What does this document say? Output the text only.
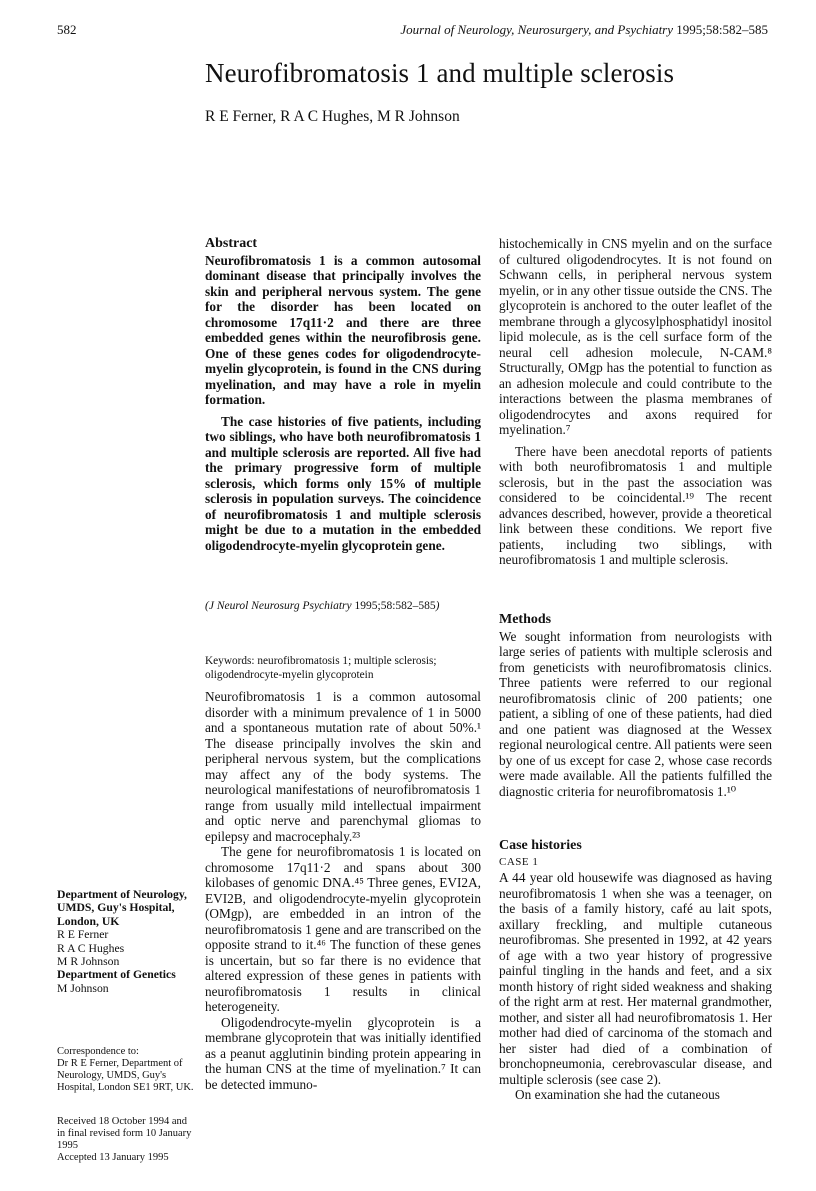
582	Journal of Neurology, Neurosurgery, and Psychiatry 1995;58:582–585
Neurofibromatosis 1 and multiple sclerosis
R E Ferner, R A C Hughes, M R Johnson

Abstract

Neurofibromatosis 1 is a common autosomal dominant disease that principally involves the skin and peripheral nervous system. The gene for the disorder has been located on chromosome 17q11·2 and there are three embedded genes within the neurofibrosis gene. One of these genes codes for oligodendrocyte-myelin glycoprotein, is found in the CNS during myelination, and may have a role in myelin formation.

The case histories of five patients, including two siblings, who have both neurofibromatosis 1 and multiple sclerosis are reported. All five had the primary progressive form of multiple sclerosis, which forms only 15% of multiple sclerosis in population surveys. The coincidence of neurofibromatosis 1 and multiple sclerosis might be due to a mutation in the embedded oligodendrocyte-myelin glycoprotein gene.

(J Neurol Neurosurg Psychiatry 1995;58:582–585)
Keywords: neurofibromatosis 1; multiple sclerosis; oligodendrocyte-myelin glycoprotein

Neurofibromatosis 1 is a common autosomal disorder with a minimum prevalence of 1 in 5000 and a spontaneous mutation rate of about 50%.¹ The disease principally involves the skin and peripheral nervous system, but the complications may affect any of the body systems. The neurological manifestations of neurofibromatosis 1 range from usually mild intellectual impairment and optic nerve and parenchymal gliomas to epilepsy and macrocephaly.²³

The gene for neurofibromatosis 1 is located on chromosome 17q11·2 and spans about 300 kilobases of genomic DNA.⁴⁵ Three genes, EVI2A, EVI2B, and oligodendrocyte-myelin glycoprotein (OMgp), are embedded in an intron of the neurofibromatosis 1 gene and are transcribed on the opposite strand to it.⁴⁶ The function of these genes is uncertain, but so far there is no evidence that altered expression of these genes in patients with neurofibromatosis 1 results in clinical heterogeneity.

Oligodendrocyte-myelin glycoprotein is a membrane glycoprotein that was initially identified as a peanut agglutinin binding protein appearing in the human CNS at the time of myelination.⁷ It can be detected immuno-

histochemically in CNS myelin and on the surface of cultured oligodendrocytes. It is not found on Schwann cells, in peripheral nervous system myelin, or in any other tissue outside the CNS. The glycoprotein is anchored to the outer leaflet of the membrane through a glycosylphosphatidyl inositol lipid molecule, as is the cell surface form of the neural cell adhesion molecule, N-CAM.⁸ Structurally, OMgp has the potential to function as an adhesion molecule and could contribute to the interactions between the plasma membranes of oligodendrocytes and axons required for myelination.⁷

There have been anecdotal reports of patients with both neurofibromatosis 1 and multiple sclerosis, but in the past the association was considered to be coincidental.¹⁹ The recent advances described, however, provide a theoretical link between these conditions. We report five patients, including two siblings, with neurofibromatosis 1 and multiple sclerosis.

Methods

We sought information from neurologists with large series of patients with multiple sclerosis and from geneticists with neurofibromatosis clinics. Three patients were referred to our regional neurofibromatosis clinic of 200 patients; one patient, a sibling of one of these patients, had died and one patient was diagnosed at the Wessex regional neurological centre. All patients were seen by one of us except for case 2, whose case records were made available. All the patients fulfilled the diagnostic criteria for neurofibromatosis 1.¹⁰

Case histories

CASE 1

A 44 year old housewife was diagnosed as having neurofibromatosis 1 when she was a teenager, on the basis of a family history, café au lait spots, axillary freckling, and multiple cutaneous neurofibromas. She presented in 1992, at 42 years of age with a two year history of progressive painful tingling in the hands and feet, and a six month history of right sided weakness and shaking of the right arm at rest. Her maternal grandmother, mother, and sister all had neurofibromatosis 1. Her mother had died of carcinoma of the stomach and her sister had died of a combination of bronchopneumonia, cerebrovascular disease, and multiple sclerosis (see case 2).

On examination she had the cutaneous

Department of Neurology, UMDS, Guy's Hospital, London, UK

R E Ferner

R A C Hughes

M R Johnson

Department of Genetics

M Johnson

Correspondence to:

Dr R E Ferner, Department of Neurology, UMDS, Guy's Hospital, London SE1 9RT, UK.

Received 18 October 1994 and in final revised form 10 January 1995

Accepted 13 January 1995
